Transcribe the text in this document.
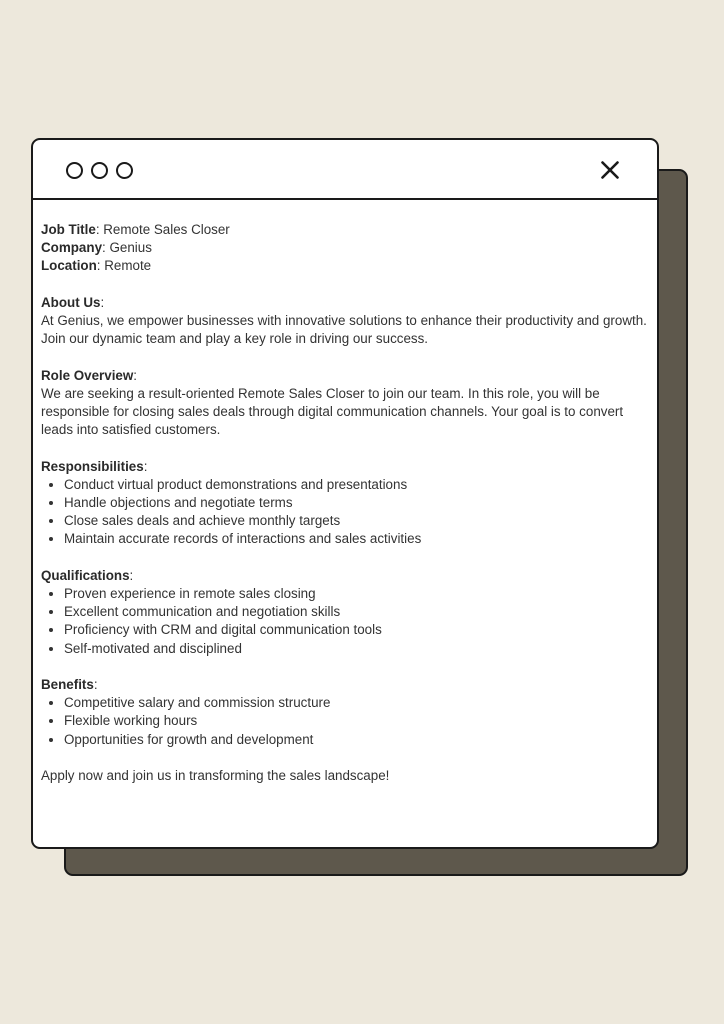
Job Title: Remote Sales Closer

Company: Genius

Location: Remote

About Us:

At Genius, we empower businesses with innovative solutions to enhance their productivity and growth. Join our dynamic team and play a key role in driving our success.

Role Overview:

We are seeking a result-oriented Remote Sales Closer to join our team. In this role, you will be responsible for closing sales deals through digital communication channels. Your goal is to convert leads into satisfied customers.

Responsibilities:

• Conduct virtual product demonstrations and presentations
• Handle objections and negotiate terms
• Close sales deals and achieve monthly targets
• Maintain accurate records of interactions and sales activities

Qualifications:

• Proven experience in remote sales closing
• Excellent communication and negotiation skills
• Proficiency with CRM and digital communication tools
• Self-motivated and disciplined

Benefits:

• Competitive salary and commission structure
• Flexible working hours
• Opportunities for growth and development

Apply now and join us in transforming the sales landscape!
